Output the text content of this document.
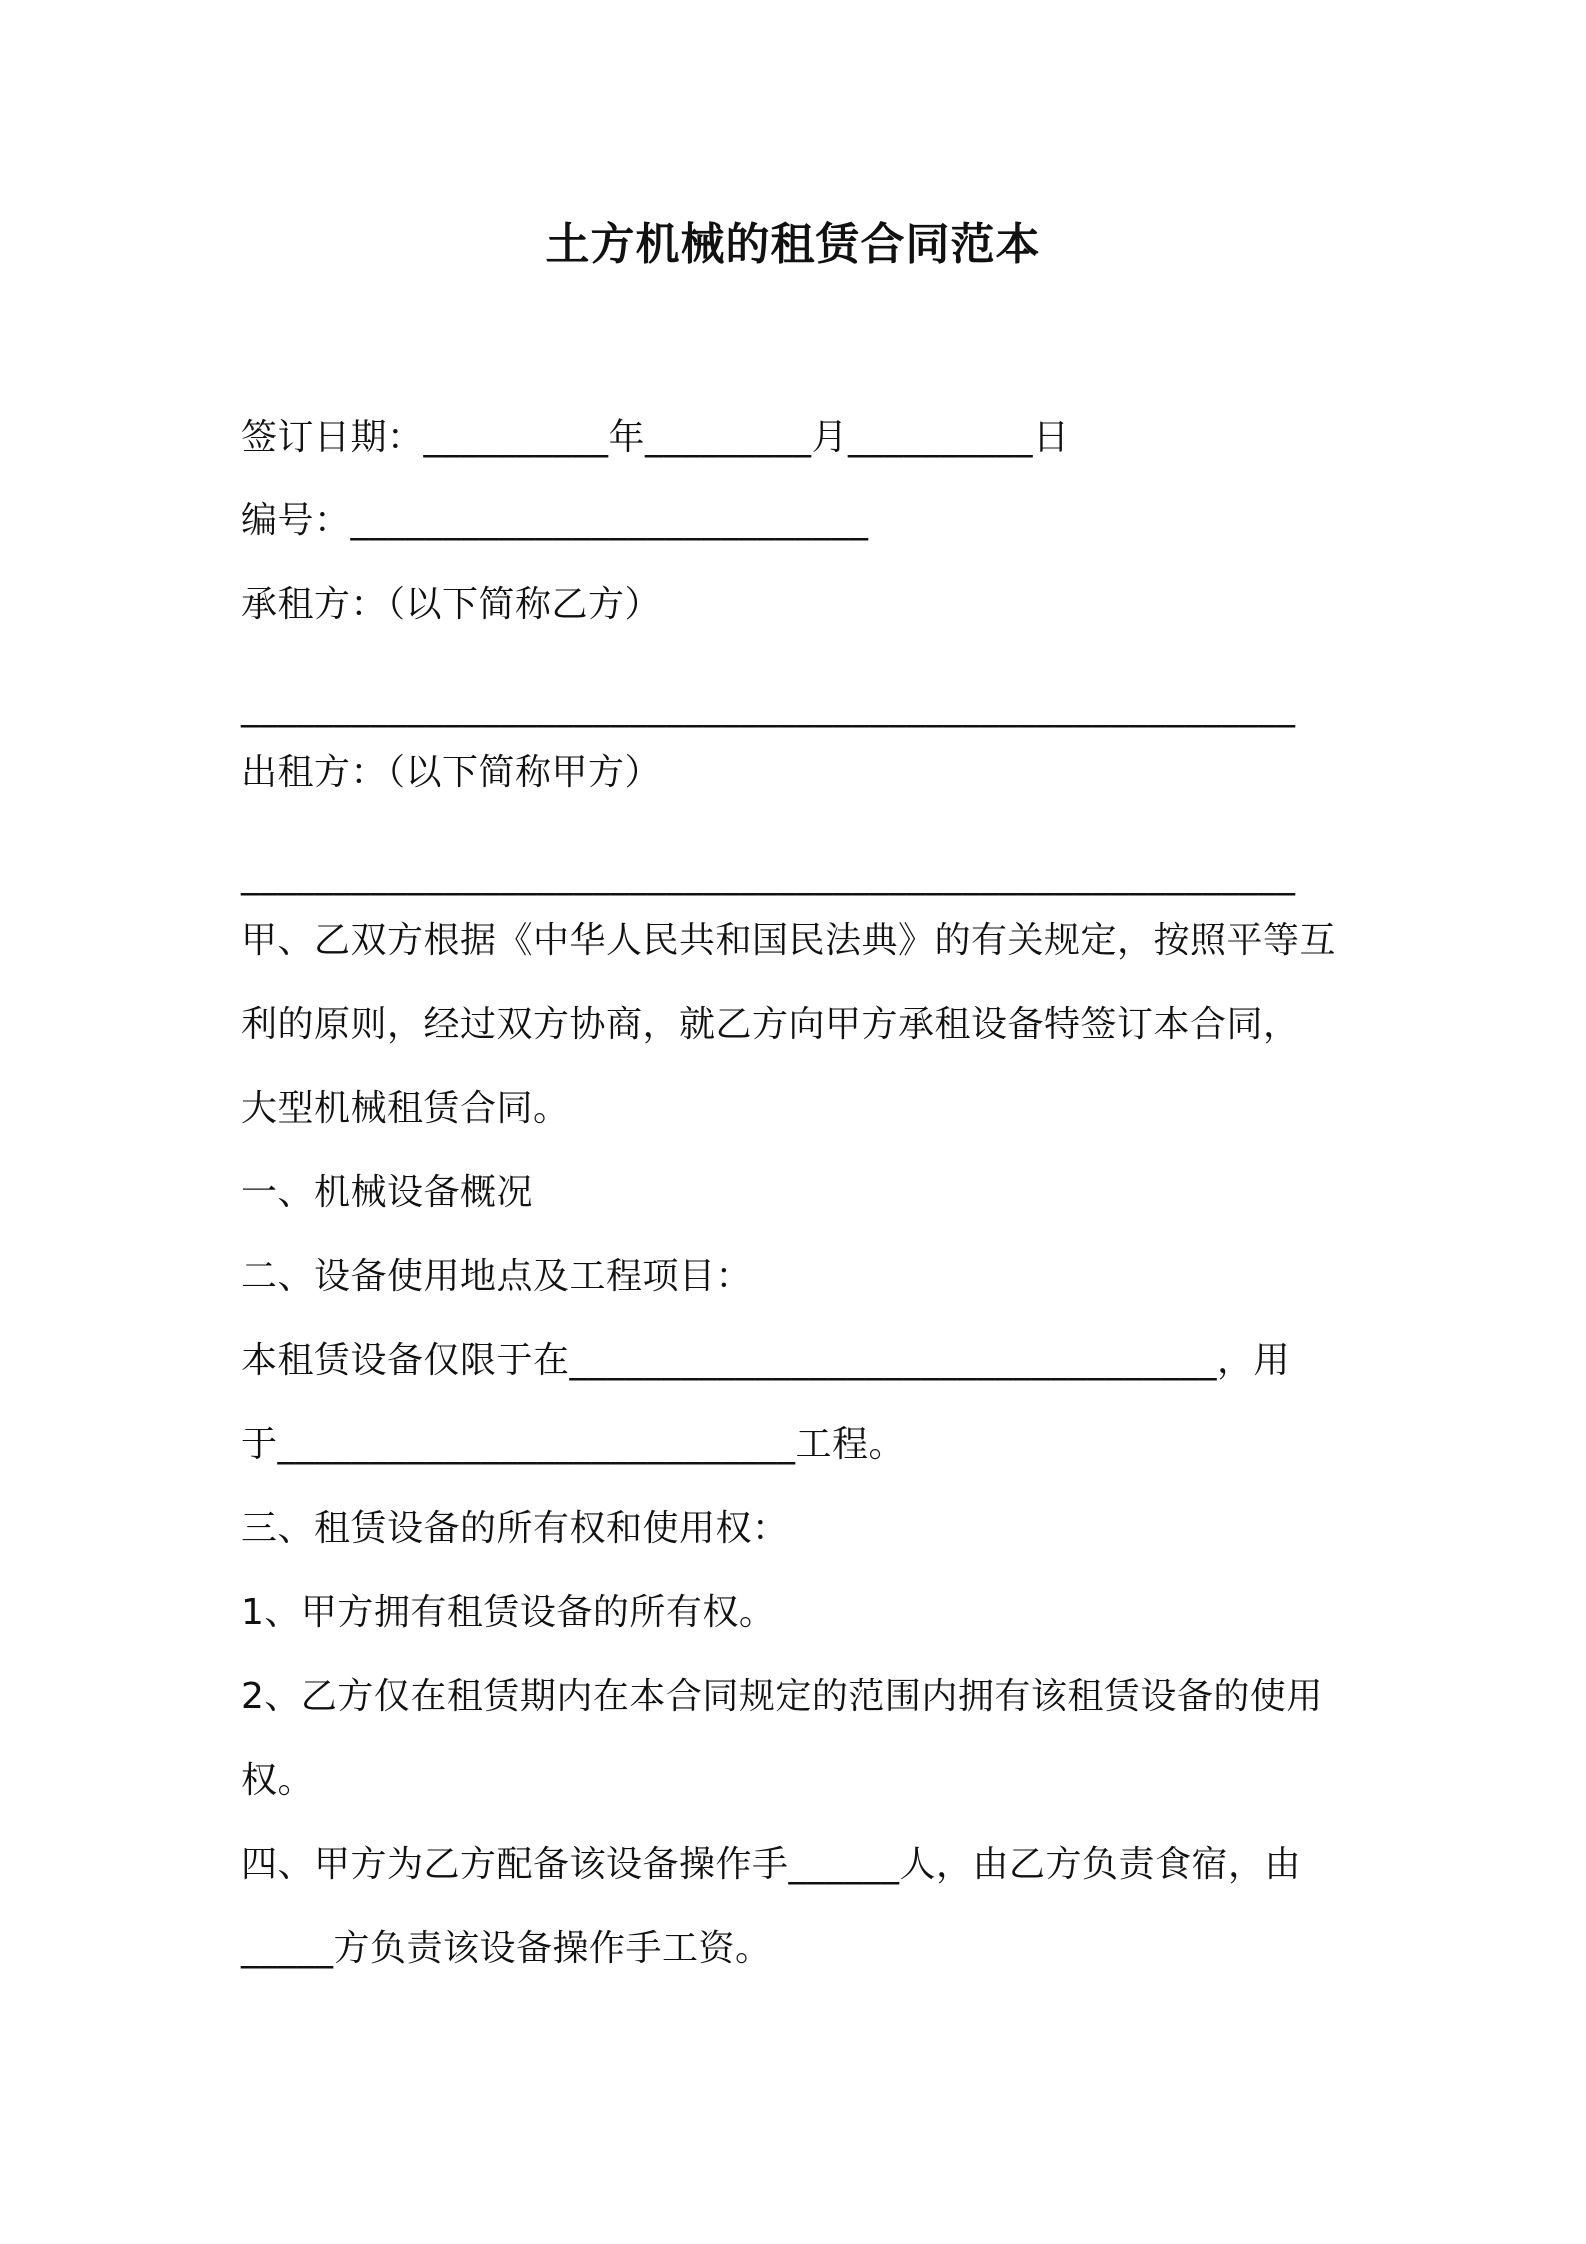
土方机械的租赁合同范本
签订日期：__________年_________月__________日
编号：____________________________
承租方：（以下简称乙方）
_________________________________________________________
出租方：（以下简称甲方）
_________________________________________________________
甲、乙双方根据《中华人民共和国民法典》的有关规定，按照平等互
利的原则，经过双方协商，就乙方向甲方承租设备特签订本合同，
大型机械租赁合同。
一、机械设备概况
二、设备使用地点及工程项目：
本租赁设备仅限于在___________________________________，用
于____________________________工程。
三、租赁设备的所有权和使用权：
1、甲方拥有租赁设备的所有权。
2、乙方仅在租赁期内在本合同规定的范围内拥有该租赁设备的使用
权。
四、甲方为乙方配备该设备操作手______人，由乙方负责食宿，由
_____方负责该设备操作手工资。
